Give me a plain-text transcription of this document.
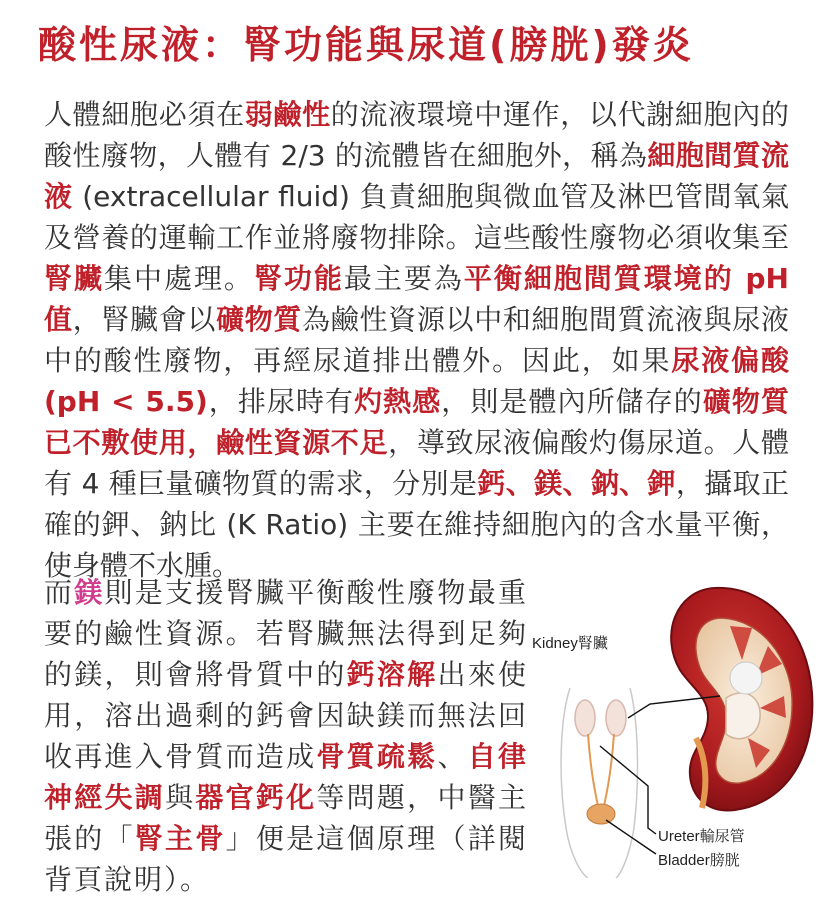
酸性尿液：腎功能與尿道(膀胱)發炎
人體細胞必須在弱鹼性的流液環境中運作，以代謝細胞內的酸性廢物，人體有 2/3 的流體皆在細胞外，稱為細胞間質流液 (extracellular fluid) 負責細胞與微血管及淋巴管間氧氣及營養的運輸工作並將廢物排除。這些酸性廢物必須收集至腎臟集中處理。腎功能最主要為平衡細胞間質環境的 pH 值，腎臟會以礦物質為鹼性資源以中和細胞間質流液與尿液中的酸性廢物，再經尿道排出體外。因此，如果尿液偏酸 (pH < 5.5)，排尿時有灼熱感，則是體內所儲存的礦物質已不敷使用，鹼性資源不足，導致尿液偏酸灼傷尿道。人體有 4 種巨量礦物質的需求，分別是鈣、鎂、鈉、鉀，攝取正確的鉀、鈉比 (K Ratio) 主要在維持細胞內的含水量平衡，使身體不水腫。
而鎂則是支援腎臟平衡酸性廢物最重要的鹼性資源。若腎臟無法得到足夠的鎂，則會將骨質中的鈣溶解出來使用，溶出過剩的鈣會因缺鎂而無法回收再進入骨質而造成骨質疏鬆、自律神經失調與器官鈣化等問題，中醫主張的「腎主骨」便是這個原理（詳閱背頁說明）。
Kidney腎臟
Ureter輸尿管
Bladder膀胱
